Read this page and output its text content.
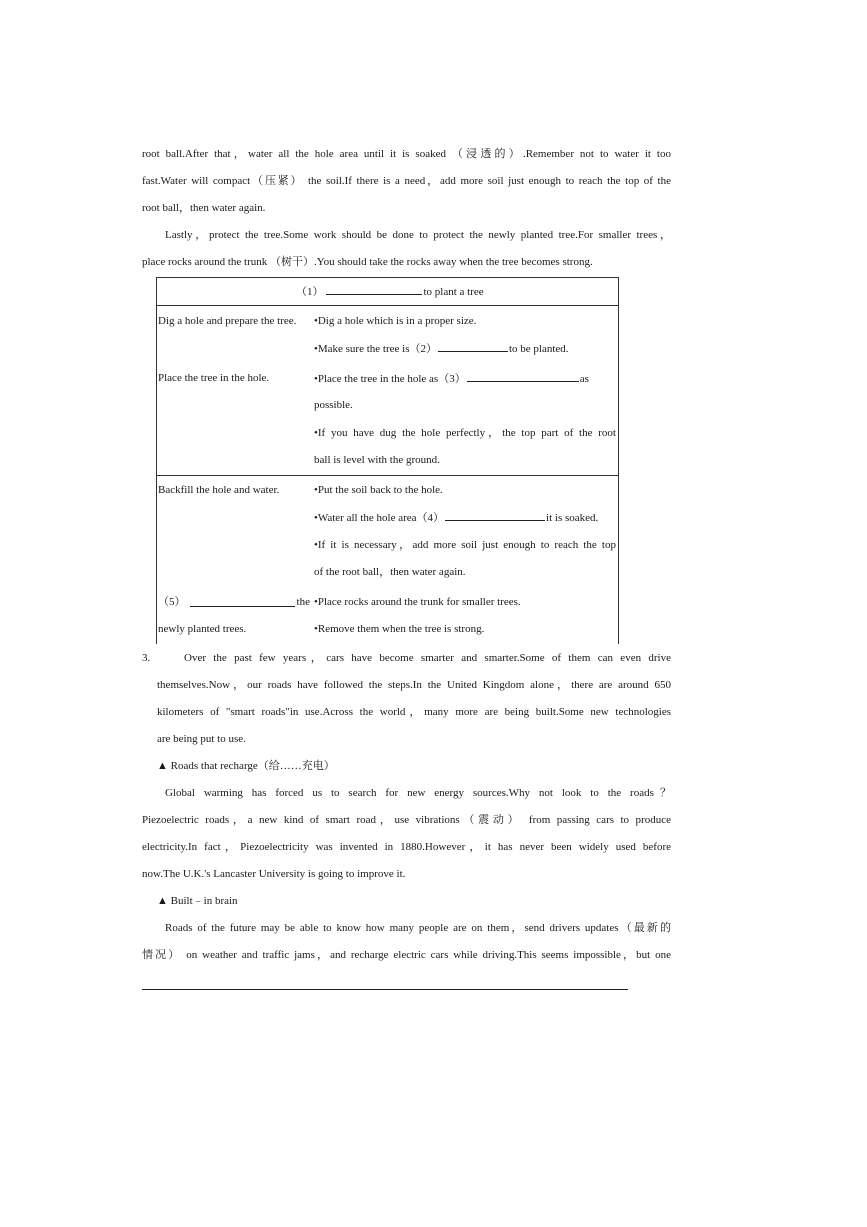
root ball.After that，water all the hole area until it is soaked （浸透的）.Remember not to water it too
fast.Water will compact（压紧） the soil.If there is a need，add more soil just enough to reach the top of the
root ball，then water again.
Lastly，protect the tree.Some work should be done to protect the newly planted tree.For smaller trees，
place rocks around the trunk （树干）.You should take the rocks away when the tree becomes strong.
（1）	to plant a tree
Dig a hole and prepare the tree. •Dig a hole which is in a proper size.
•Make sure the tree is（2）	to be planted.
Place the tree in the hole.	•Place the tree in the hole as（3）	as
possible.
•If you have dug the hole perfectly，the top part of the root
ball is level with the ground.
Backfill the hole and water.	•Put the soil back to the hole.
•Water all the hole area（4）	it is soaked.
•If it is necessary，add more soil just enough to reach the top
of the root ball，then water again.
（5）	the
newly planted trees.
•Place rocks around the trunk for smaller trees.
•Remove them when the tree is strong.
3.	Over the past few years，cars have become smarter and smarter.Some of them can even drive
themselves.Now，our roads have followed the steps.In the United Kingdom alone，there are around 650
kilometers of "smart roads"in use.Across the world，many more are being built.Some new technologies
are being put to use.
▲ Roads that recharge（给……充电）
Global warming has forced us to search for new energy sources.Why not look to the roads？
Piezoelectric roads，a new kind of smart road，use vibrations（震动） from passing cars to produce
electricity.In fact，Piezoelectricity was invented in 1880.However，it has never been widely used before
now.The U.K.'s Lancaster University is going to improve it.
▲ Built﹣in brain
Roads of the future may be able to know how many people are on them，send drivers updates（最新的
情况） on weather and traffic jams，and recharge electric cars while driving.This seems impossible，but one
